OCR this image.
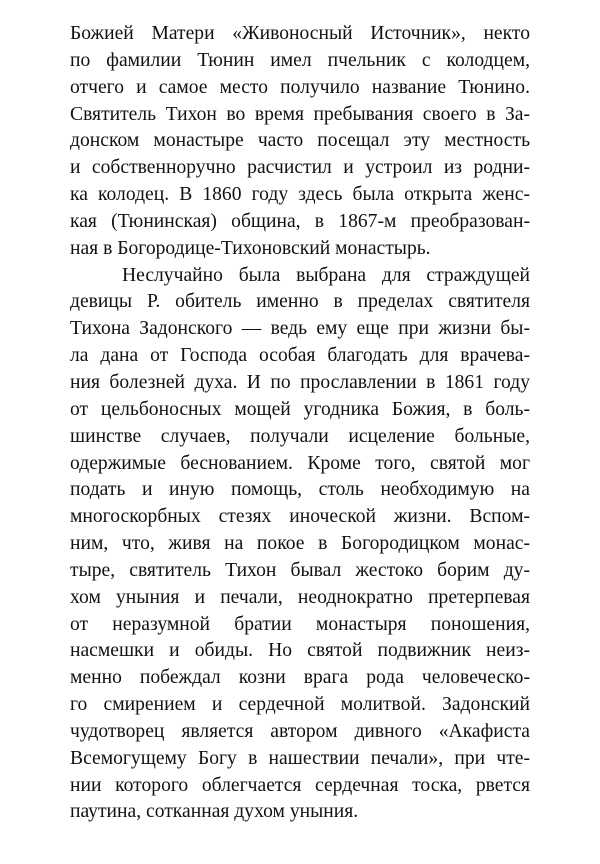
Божией Матери «Живоносный Источник», некто
по фамилии Тюнин имел пчельник с колодцем,
отчего и самое место получило название Тюнино.
Святитель Тихон во время пребывания своего в За-
донском монастыре часто посещал эту местность
и собственноручно расчистил и устроил из родни-
ка колодец. В 1860 году здесь была открыта женс-
кая (Тюнинская) община, в 1867-м преобразован-
ная в Богородице-Тихоновский монастырь.
Неслучайно была выбрана для страждущей
девицы Р. обитель именно в пределах святителя
Тихона Задонского — ведь ему еще при жизни бы-
ла дана от Господа особая благодать для врачева-
ния болезней духа. И по прославлении в 1861 году
от цельбоносных мощей угодника Божия, в боль-
шинстве случаев, получали исцеление больные,
одержимые беснованием. Кроме того, святой мог
подать и иную помощь, столь необходимую на
многоскорбных стезях иноческой жизни. Вспом-
ним, что, живя на покое в Богородицком монас-
тыре, святитель Тихон бывал жестоко борим ду-
хом уныния и печали, неоднократно претерпевая
от неразумной братии монастыря поношения,
насмешки и обиды. Но святой подвижник неиз-
менно побеждал козни врага рода человеческо-
го смирением и сердечной молитвой. Задонский
чудотворец является автором дивного «Акафиста
Всемогущему Богу в нашествии печали», при чте-
нии которого облегчается сердечная тоска, рвется
паутина, сотканная духом уныния.
